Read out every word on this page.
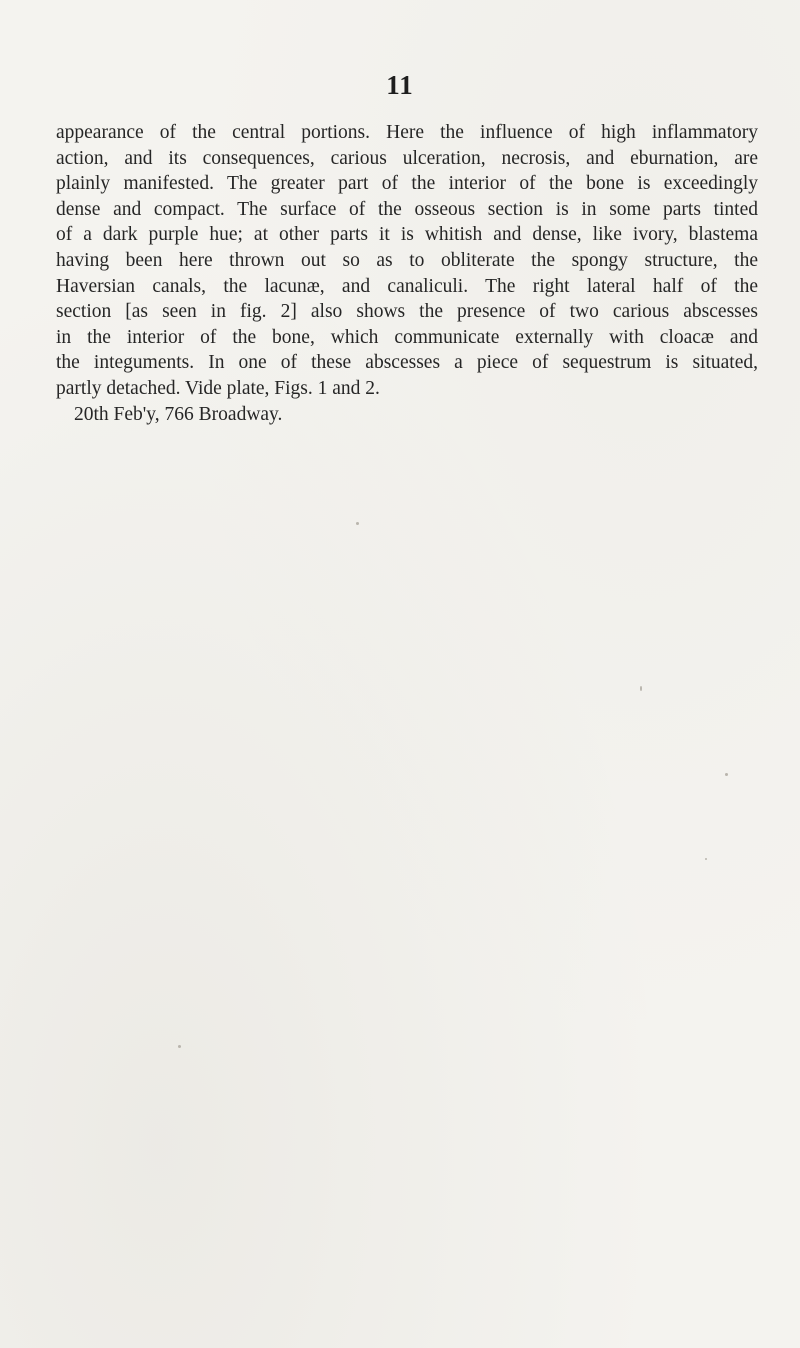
11
appearance of the central portions. Here the influence of high inflammatory
action, and its consequences, carious ulceration, necrosis, and eburnation, are
plainly manifested. The greater part of the interior of the bone is exceedingly
dense and compact. The surface of the osseous section is in some parts tinted
of a dark purple hue; at other parts it is whitish and dense, like ivory, blastema
having been here thrown out so as to obliterate the spongy structure, the
Haversian canals, the lacunæ, and canaliculi. The right lateral half of the
section [as seen in fig. 2] also shows the presence of two carious abscesses
in the interior of the bone, which communicate externally with cloacæ and
the integuments. In one of these abscesses a piece of sequestrum is situated,
partly detached. Vide plate, Figs. 1 and 2.
20th Feb'y, 766 Broadway.
